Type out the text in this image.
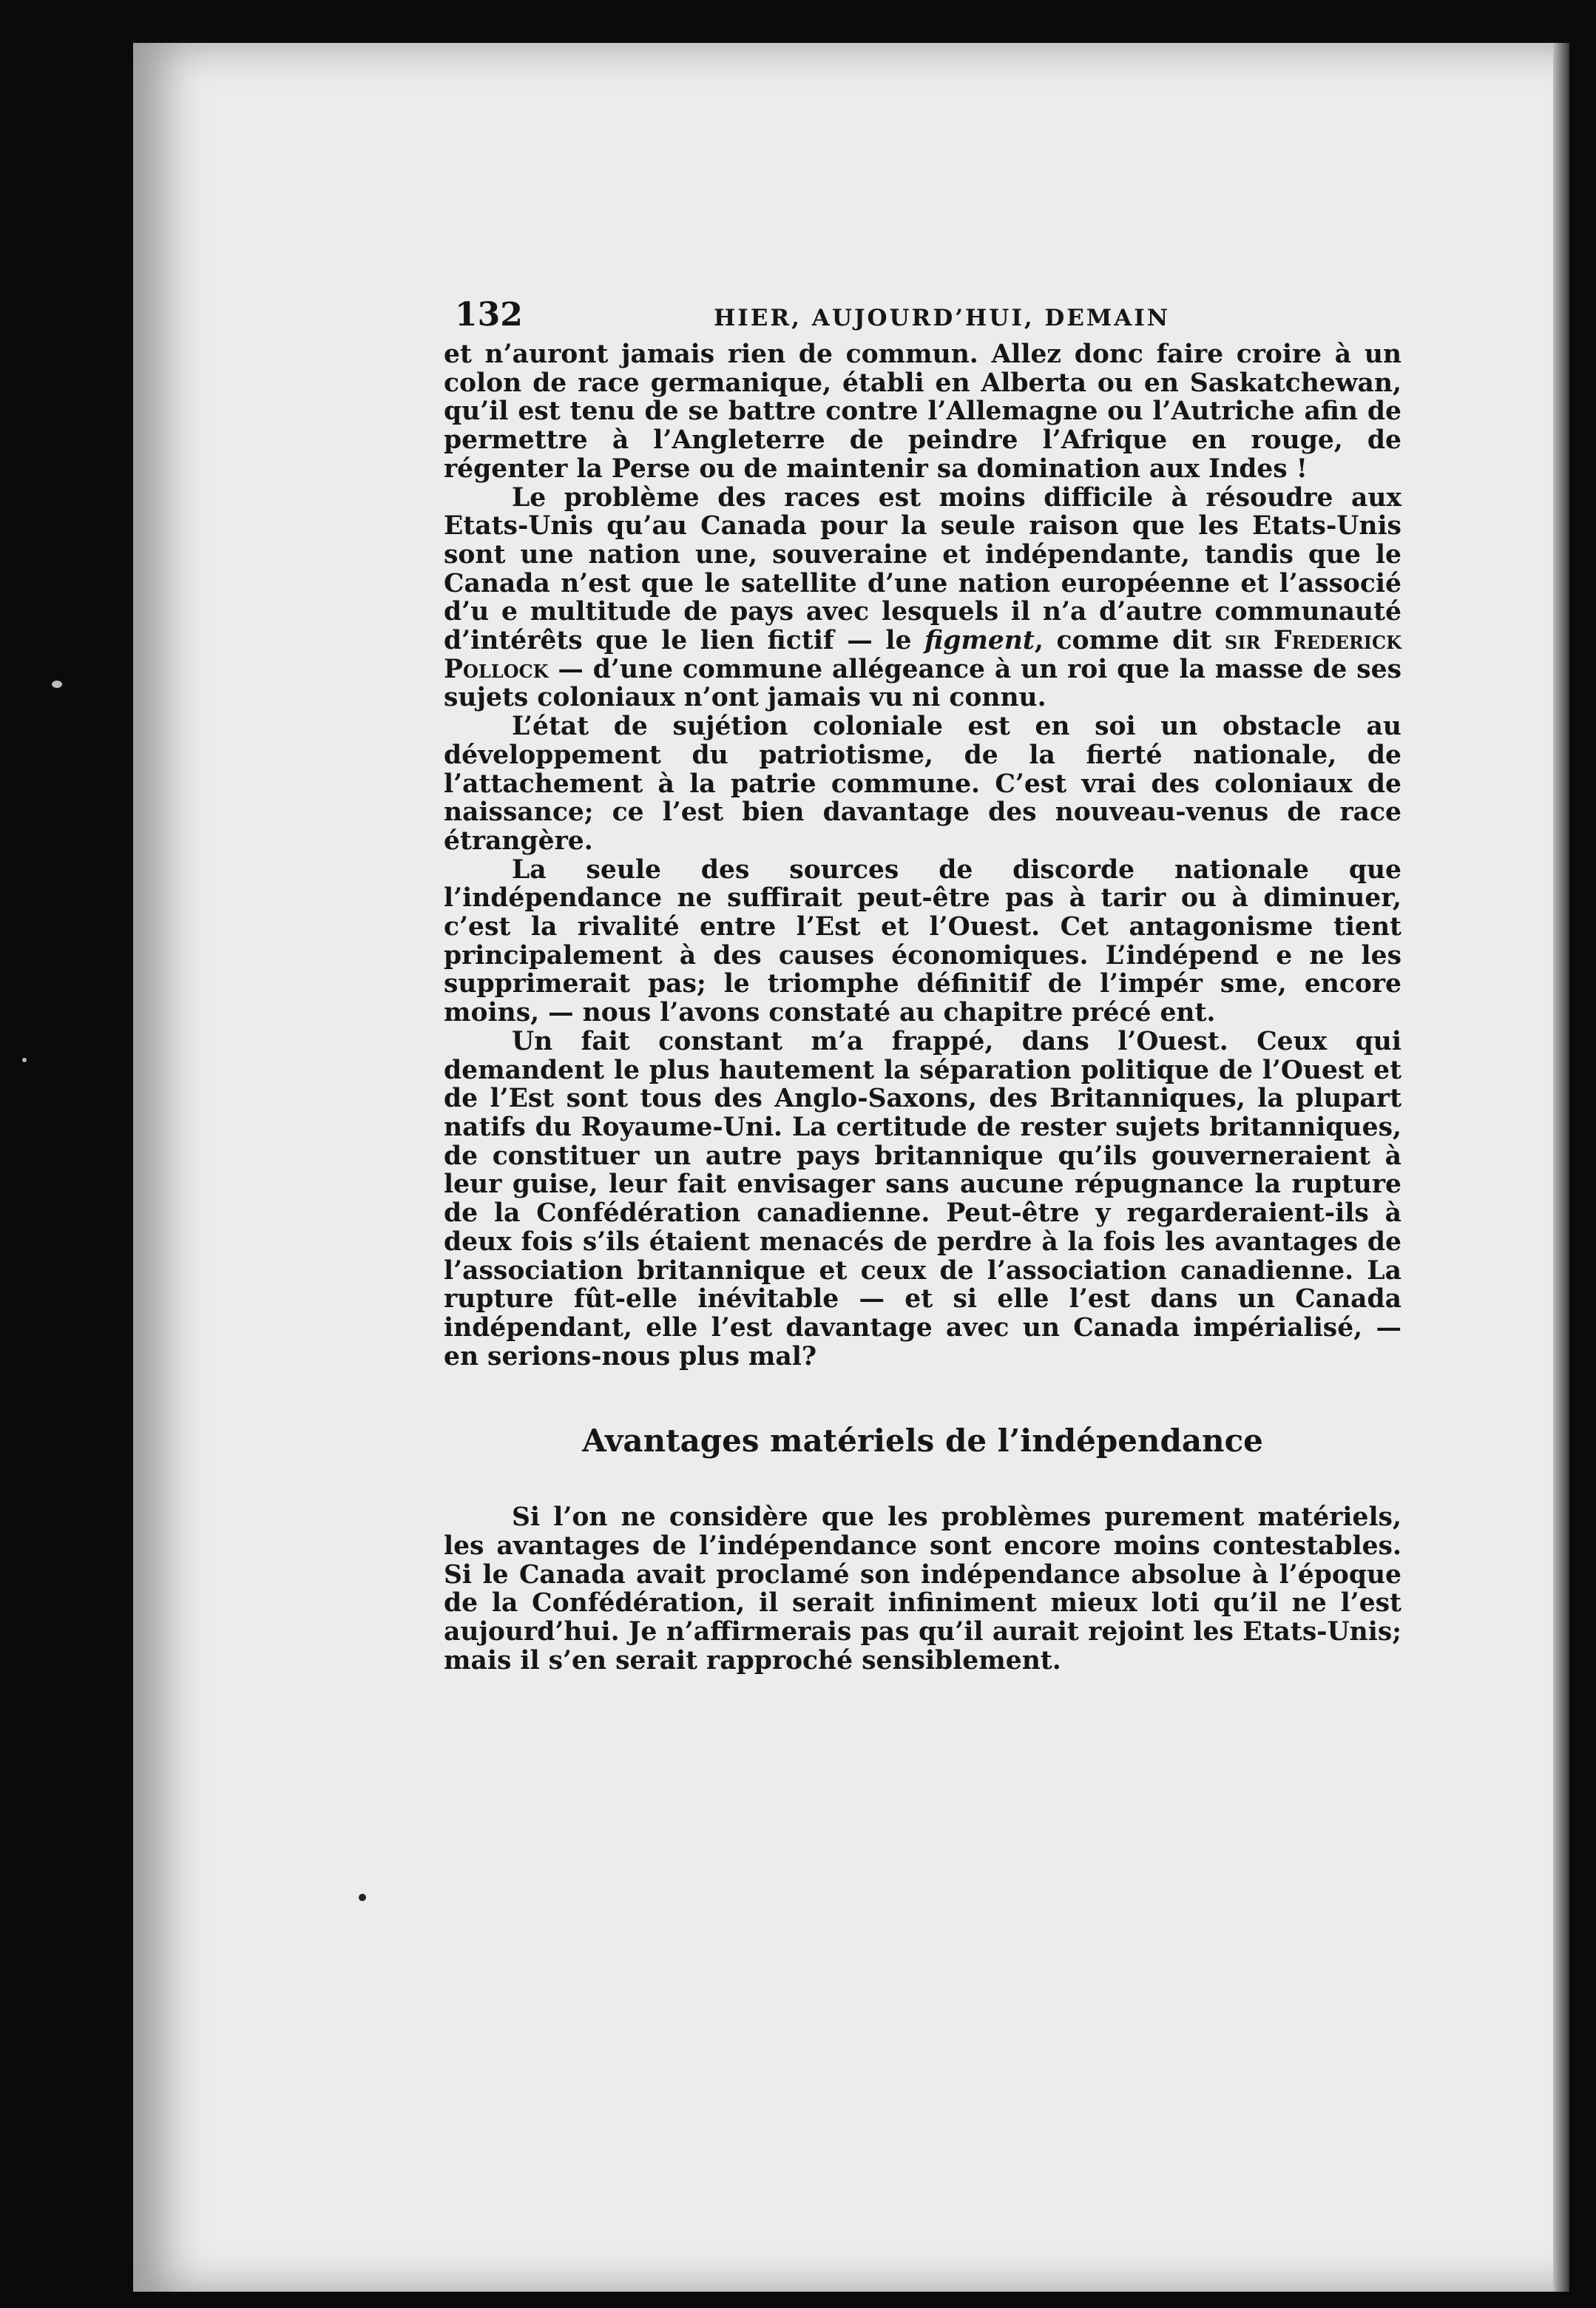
132	HIER, AUJOURD’HUI, DEMAIN

et n’auront jamais rien de commun. Allez donc faire croire à un colon de race germanique, établi en Alberta ou en Saskatchewan, qu’il est tenu de se battre contre l’Allemagne ou l’Autriche afin de permettre à l’Angleterre de peindre l’Afrique en rouge, de régenter la Perse ou de maintenir sa domination aux Indes !

Le problème des races est moins difficile à résoudre aux Etats-Unis qu’au Canada pour la seule raison que les Etats-Unis sont une nation une, souveraine et indépendante, tandis que le Canada n’est que le satellite d’une nation européenne et l’associé d’u e multitude de pays avec lesquels il n’a d’autre communauté d’intérêts que le lien fictif — le figment, comme dit sir Frederick Pollock — d’une commune allégeance à un roi que la masse de ses sujets coloniaux n’ont jamais vu ni connu.

L’état de sujétion coloniale est en soi un obstacle au développement du patriotisme, de la fierté nationale, de l’attachement à la patrie commune. C’est vrai des coloniaux de naissance; ce l’est bien davantage des nouveau-venus de race étrangère.

La seule des sources de discorde nationale que l’indépendance ne suffirait peut-être pas à tarir ou à diminuer, c’est la rivalité entre l’Est et l’Ouest. Cet antagonisme tient principalement à des causes économiques. L’indépend e ne les supprimerait pas; le triomphe définitif de l’impér sme, encore moins, — nous l’avons constaté au chapitre précé ent.

Un fait constant m’a frappé, dans l’Ouest. Ceux qui demandent le plus hautement la séparation politique de l’Ouest et de l’Est sont tous des Anglo-Saxons, des Britanniques, la plupart natifs du Royaume-Uni. La certitude de rester sujets britanniques, de constituer un autre pays britannique qu’ils gouverneraient à leur guise, leur fait envisager sans aucune répugnance la rupture de la Confédération canadienne. Peut-être y regarderaient-ils à deux fois s’ils étaient menacés de perdre à la fois les avantages de l’association britannique et ceux de l’association canadienne. La rupture fût-elle inévitable — et si elle l’est dans un Canada indépendant, elle l’est davantage avec un Canada impérialisé, — en serions-nous plus mal?

Avantages matériels de l’indépendance

Si l’on ne considère que les problèmes purement matériels, les avantages de l’indépendance sont encore moins contestables. Si le Canada avait proclamé son indépendance absolue à l’époque de la Confédération, il serait infiniment mieux loti qu’il ne l’est aujourd’hui. Je n’affirmerais pas qu’il aurait rejoint les Etats-Unis; mais il s’en serait rapproché sensiblement.
